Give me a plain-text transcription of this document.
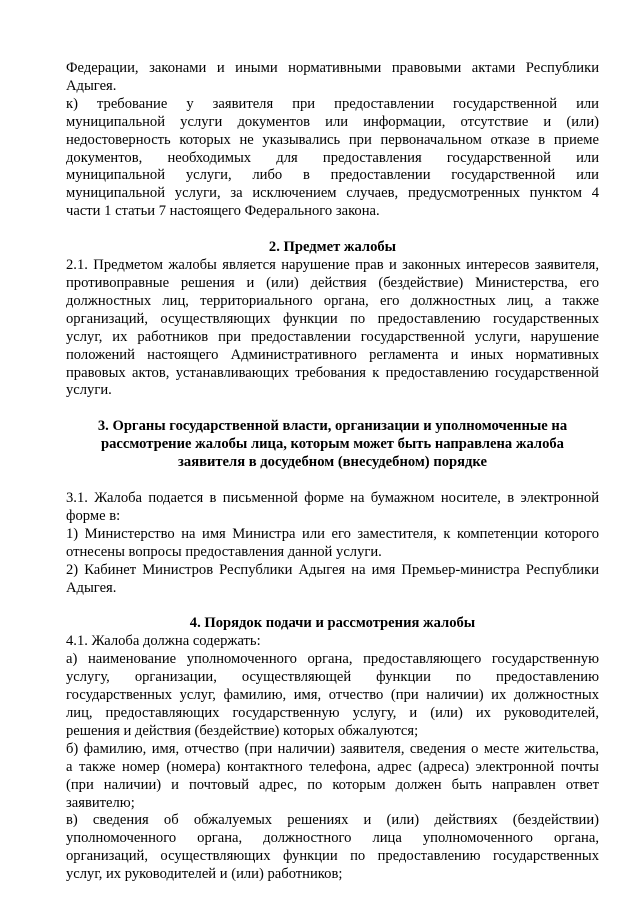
Федерации, законами и иными нормативными правовыми актами Республики
Адыгея.
к) требование у заявителя при предоставлении государственной или
муниципальной услуги документов или информации, отсутствие и (или)
недостоверность которых не указывались при первоначальном отказе в приеме
документов, необходимых для предоставления государственной или
муниципальной услуги, либо в предоставлении государственной или
муниципальной услуги, за исключением случаев, предусмотренных пунктом 4
части 1 статьи 7 настоящего Федерального закона.
2. Предмет жалобы
2.1. Предметом жалобы является нарушение прав и законных интересов заявителя,
противоправные решения и (или) действия (бездействие) Министерства, его
должностных лиц, территориального органа, его должностных лиц, а также
организаций, осуществляющих функции по предоставлению государственных
услуг, их работников при предоставлении государственной услуги, нарушение
положений настоящего Административного регламента и иных нормативных
правовых актов, устанавливающих требования к предоставлению государственной
услуги.
3. Органы государственной власти, организации и уполномоченные на
рассмотрение жалобы лица, которым может быть направлена жалоба
заявителя в досудебном (внесудебном) порядке
3.1. Жалоба подается в письменной форме на бумажном носителе, в электронной
форме в:
1) Министерство на имя Министра или его заместителя, к компетенции которого
отнесены вопросы предоставления данной услуги.
2) Кабинет Министров Республики Адыгея на имя Премьер-министра Республики
Адыгея.
4. Порядок подачи и рассмотрения жалобы
4.1. Жалоба должна содержать:
а) наименование уполномоченного органа, предоставляющего государственную
услугу, организации, осуществляющей функции по предоставлению
государственных услуг, фамилию, имя, отчество (при наличии) их должностных
лиц, предоставляющих государственную услугу, и (или) их руководителей,
решения и действия (бездействие) которых обжалуются;
б) фамилию, имя, отчество (при наличии) заявителя, сведения о месте жительства,
а также номер (номера) контактного телефона, адрес (адреса) электронной почты
(при наличии) и почтовый адрес, по которым должен быть направлен ответ
заявителю;
в) сведения об обжалуемых решениях и (или) действиях (бездействии)
уполномоченного органа, должностного лица уполномоченного органа,
организаций, осуществляющих функции по предоставлению государственных
услуг, их руководителей и (или) работников;
